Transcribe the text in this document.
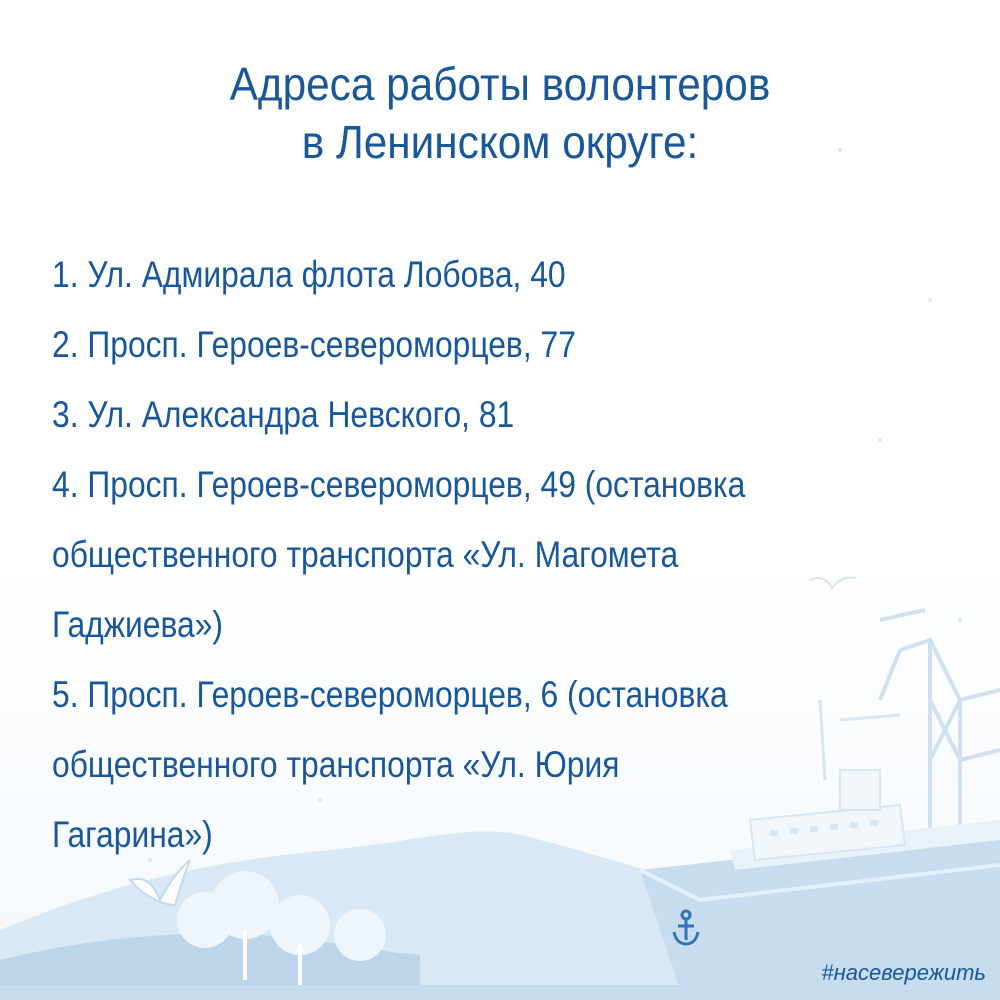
Адреса работы волонтеров
в Ленинском округе:
1. Ул. Адмирала флота Лобова, 40
2. Просп. Героев-североморцев, 77
3. Ул. Александра Невского, 81
4. Просп. Героев-североморцев, 49 (остановка общественного транспорта «Ул. Магомета Гаджиева»)
5. Просп. Героев-североморцев, 6 (остановка общественного транспорта «Ул. Юрия Гагарина»)
#насевережить
